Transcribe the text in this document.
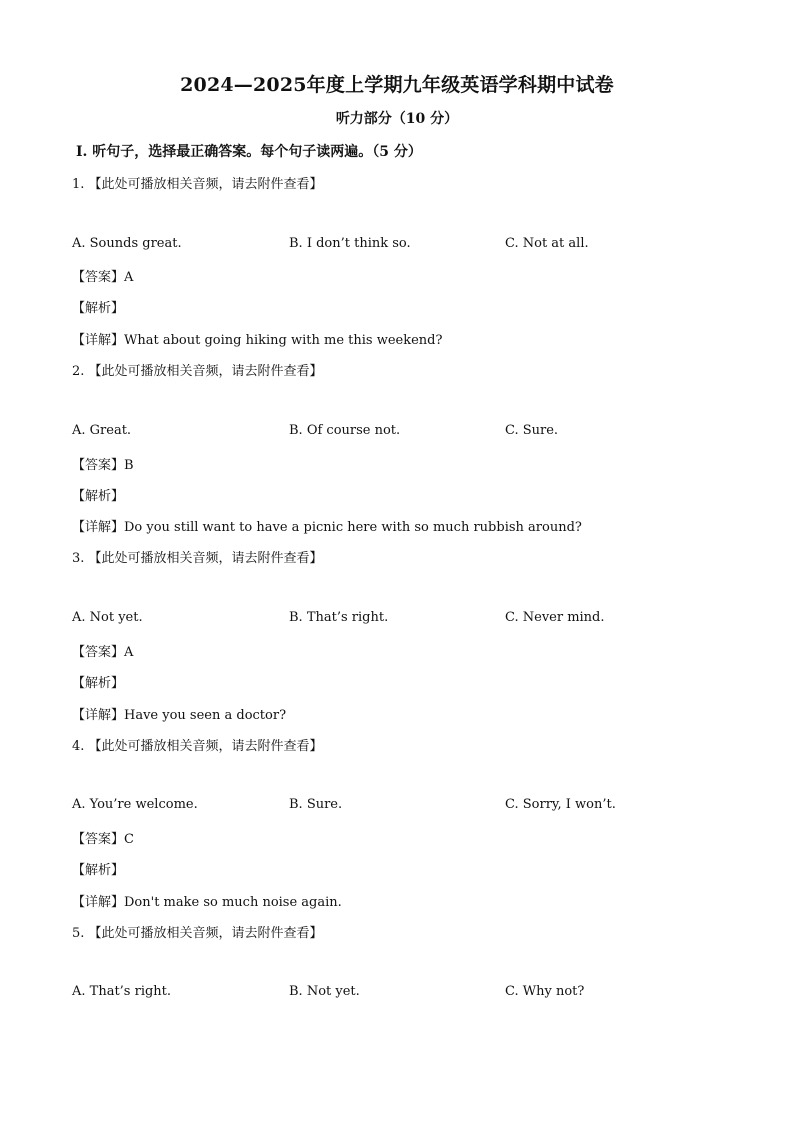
2024—2025年度上学期九年级英语学科期中试卷
听力部分（10 分）
Ⅰ. 听句子，选择最正确答案。每个句子读两遍。（5 分）
1. 【此处可播放相关音频，请去附件查看】
A. Sounds great.	B. I don’t think so.	C. Not at all.
【答案】A
【解析】
【详解】What about going hiking with me this weekend?
2. 【此处可播放相关音频，请去附件查看】
A. Great.	B. Of course not.	C. Sure.
【答案】B
【解析】
【详解】Do you still want to have a picnic here with so much rubbish around?
3. 【此处可播放相关音频，请去附件查看】
A. Not yet.	B. That’s right.	C. Never mind.
【答案】A
【解析】
【详解】Have you seen a doctor?
4. 【此处可播放相关音频，请去附件查看】
A. You’re welcome.	B. Sure.	C. Sorry, I won’t.
【答案】C
【解析】
【详解】Don't make so much noise again.
5. 【此处可播放相关音频，请去附件查看】
A. That’s right.	B. Not yet.	C. Why not?
